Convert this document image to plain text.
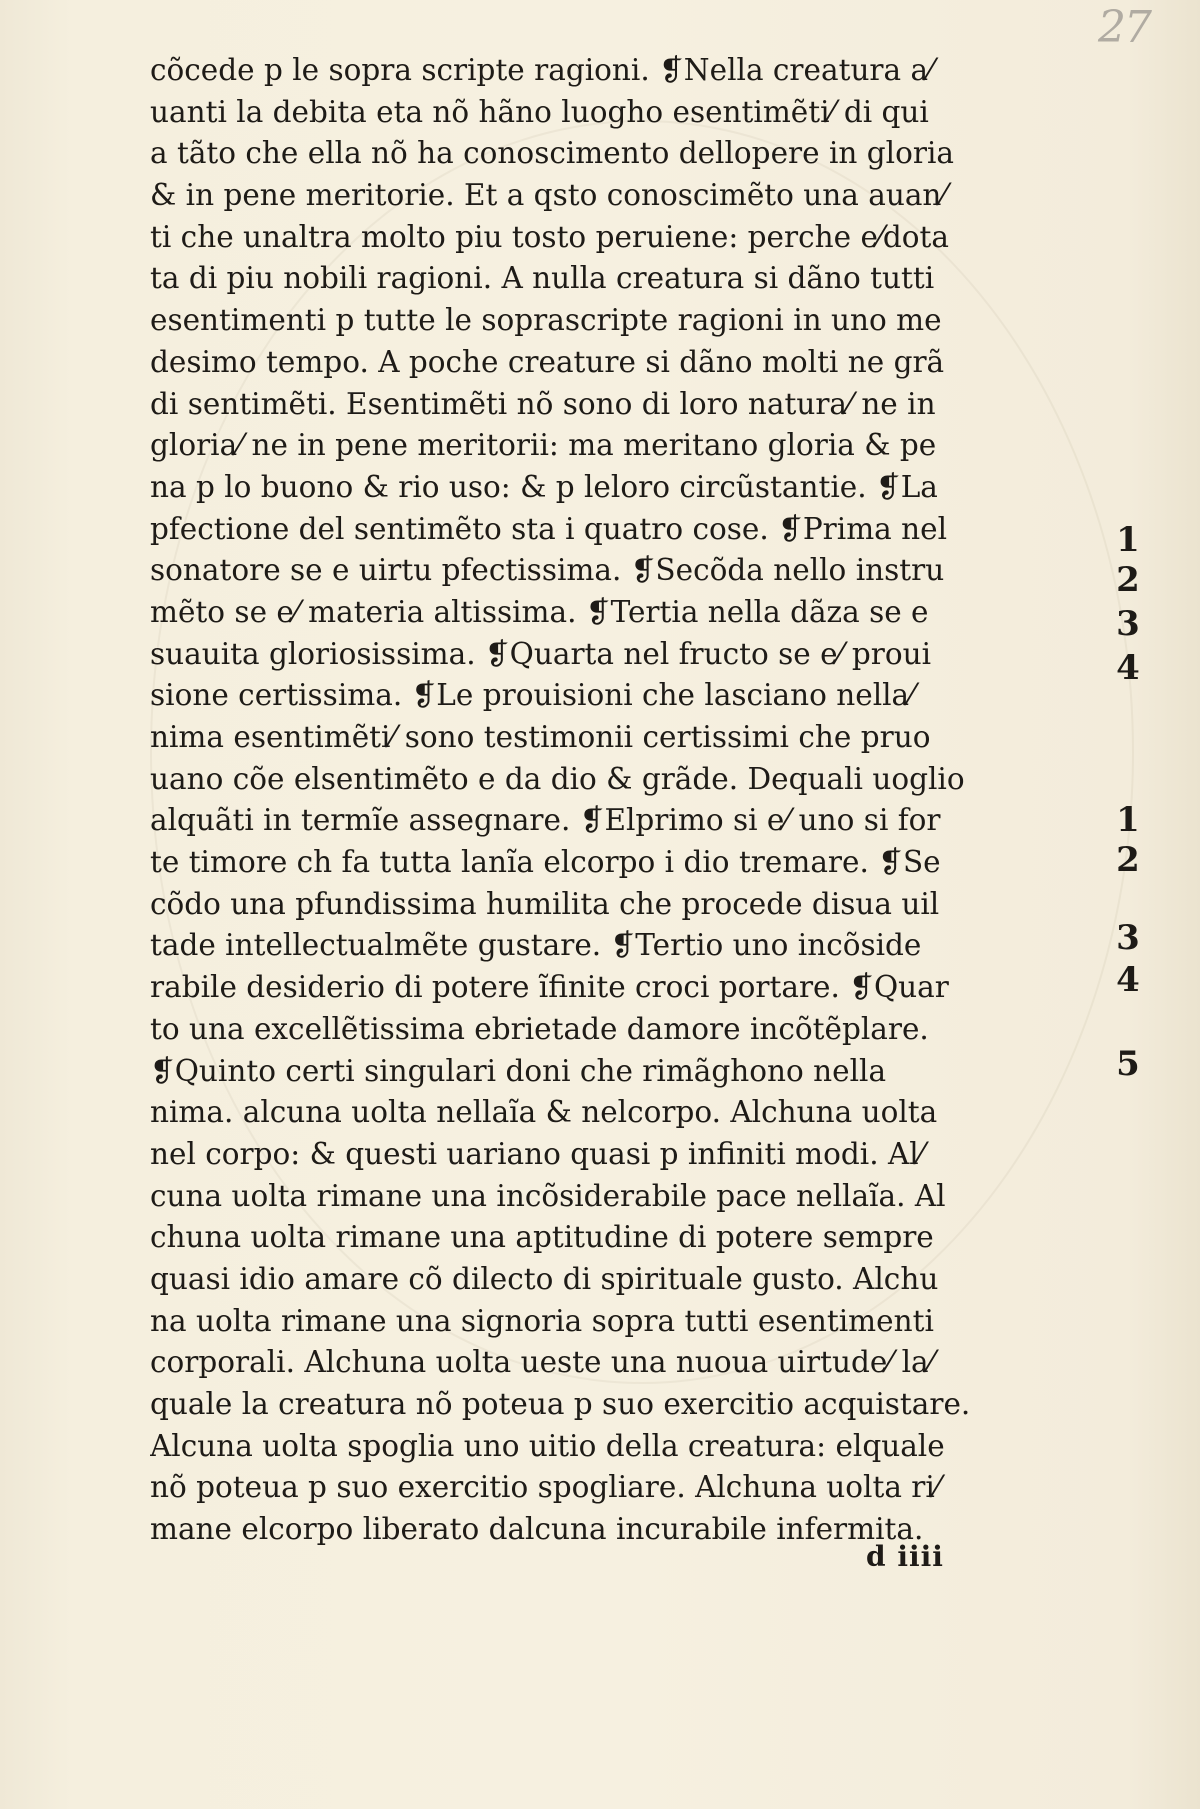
27
cõcede p le sopra scripte ragioni. ❡Nella creatura a⁄
uanti la debita eta nõ hãno luogho esentimẽti⁄ di qui
a tãto che ella nõ ha conoscimento dellopere in gloria
& in pene meritorie. Et a qsto conoscimẽto una auan⁄
ti che unaltra molto piu tosto peruiene: perche e⁄dota
ta di piu nobili ragioni. A nulla creatura si dãno tutti
esentimenti p tutte le soprascripte ragioni in uno me
desimo tempo. A poche creature si dãno molti ne grã
di sentimẽti. Esentimẽti nõ sono di loro natura⁄ ne in
gloria⁄ ne in pene meritorii: ma meritano gloria & pe
na p lo buono & rio uso: & p leloro circũstantie. ❡La
pfectione del sentimẽto sta i quatro cose. ❡Prima nel
sonatore se e uirtu pfectissima. ❡Secõda nello instru
mẽto se e⁄ materia altissima. ❡Tertia nella dãza se e
suauita gloriosissima. ❡Quarta nel fructo se e⁄ proui
sione certissima. ❡Le prouisioni che lasciano nella⁄
nima esentimẽti⁄ sono testimonii certissimi che pruo
uano cõe elsentimẽto e da dio & grãde. Dequali uoglio
alquãti in termĩe assegnare. ❡Elprimo si e⁄ uno si for
te timore ch fa tutta lanĩa elcorpo i dio tremare. ❡Se
cõdo una pfundissima humilita che procede disua uil
tade intellectualmẽte gustare. ❡Tertio uno incõside
rabile desiderio di potere ĩfinite croci portare. ❡Quar
to una excellẽtissima ebrietade damore incõtẽplare.
❡Quinto certi singulari doni che rimãghono nella
nima. alcuna uolta nellaĩa & nelcorpo. Alchuna uolta
nel corpo: & questi uariano quasi p infiniti modi. Al⁄
cuna uolta rimane una incõsiderabile pace nellaĩa. Al
chuna uolta rimane una aptitudine di potere sempre
quasi idio amare cõ dilecto di spirituale gusto. Alchu
na uolta rimane una signoria sopra tutti esentimenti
corporali. Alchuna uolta ueste una nuoua uirtude⁄ la⁄
quale la creatura nõ poteua p suo exercitio acquistare.
Alcuna uolta spoglia uno uitio della creatura: elquale
nõ poteua p suo exercitio spogliare. Alchuna uolta ri⁄
mane elcorpo liberato dalcuna incurabile infermita.
1
2
3
4
1
2
3
4
5
d iiii
